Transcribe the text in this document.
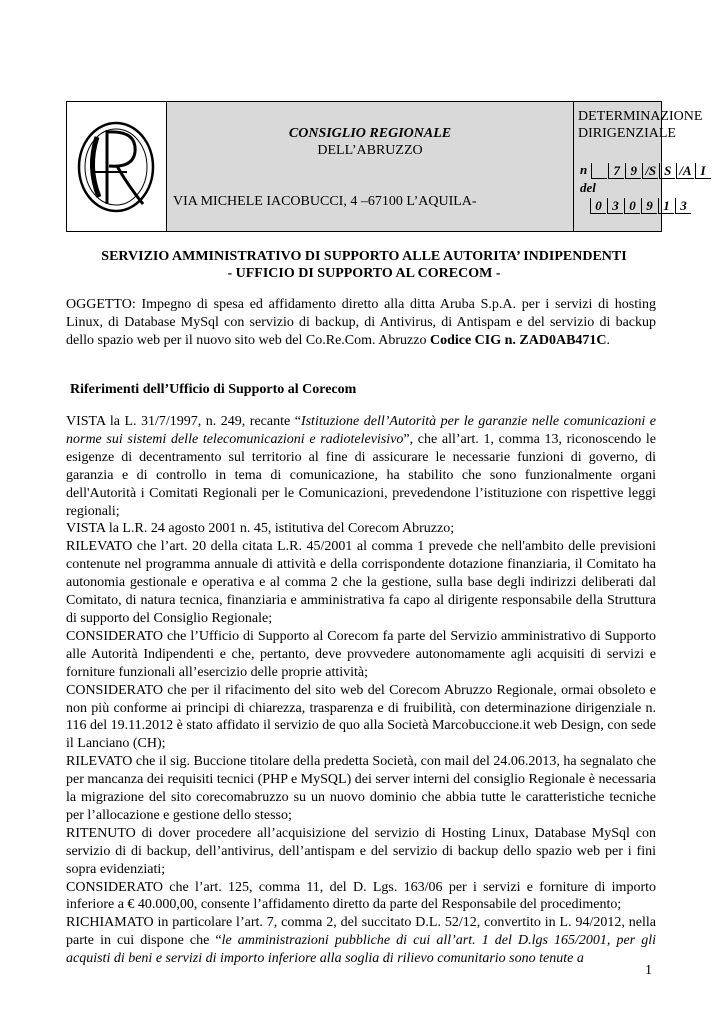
CONSIGLIO REGIONALE
DELL’ABRUZZO
VIA MICHELE IACOBUCCI, 4 –67100 L’AQUILA-
DETERMINAZIONE
DIRIGENZIALE
n 7 9 /S S /A I
del
0 3 0 9 1 3
SERVIZIO AMMINISTRATIVO DI SUPPORTO ALLE AUTORITA’ INDIPENDENTI
- UFFICIO DI SUPPORTO AL CORECOM -
OGGETTO: Impegno di spesa ed affidamento diretto alla ditta Aruba S.p.A. per i servizi di hosting Linux, di Database MySql con servizio di backup, di Antivirus, di Antispam e del servizio di backup dello spazio web per il nuovo sito web del Co.Re.Com. Abruzzo Codice CIG n. ZAD0AB471C.
Riferimenti dell’Ufficio di Supporto al Corecom
VISTA la L. 31/7/1997, n. 249, recante “Istituzione dell’Autorità per le garanzie nelle comunicazioni e norme sui sistemi delle telecomunicazioni e radiotelevisivo”, che all’art. 1, comma 13, riconoscendo le esigenze di decentramento sul territorio al fine di assicurare le necessarie funzioni di governo, di garanzia e di controllo in tema di comunicazione, ha stabilito che sono funzionalmente organi dell'Autorità i Comitati Regionali per le Comunicazioni, prevedendone l’istituzione con rispettive leggi regionali;
VISTA la L.R. 24 agosto 2001 n. 45, istitutiva del Corecom Abruzzo;
RILEVATO che l’art. 20 della citata L.R. 45/2001 al comma 1 prevede che nell'ambito delle previsioni contenute nel programma annuale di attività e della corrispondente dotazione finanziaria, il Comitato ha autonomia gestionale e operativa e al comma 2 che la gestione, sulla base degli indirizzi deliberati dal Comitato, di natura tecnica, finanziaria e amministrativa fa capo al dirigente responsabile della Struttura di supporto del Consiglio Regionale;
CONSIDERATO che l’Ufficio di Supporto al Corecom fa parte del Servizio amministrativo di Supporto alle Autorità Indipendenti e che, pertanto, deve provvedere autonomamente agli acquisiti di servizi e forniture funzionali all’esercizio delle proprie attività;
CONSIDERATO che per il rifacimento del sito web del Corecom Abruzzo Regionale, ormai obsoleto e non più conforme ai principi di chiarezza, trasparenza e di fruibilità, con determinazione dirigenziale n. 116 del 19.11.2012 è stato affidato il servizio de quo alla Società Marcobuccione.it web Design, con sede il Lanciano (CH);
RILEVATO che il sig. Buccione titolare della predetta Società, con mail del 24.06.2013, ha segnalato che per mancanza dei requisiti tecnici (PHP e MySQL) dei server interni del consiglio Regionale è necessaria la migrazione del sito corecomabruzzo su un nuovo dominio che abbia tutte le caratteristiche tecniche per l’allocazione e gestione dello stesso;
RITENUTO di dover procedere all’acquisizione del servizio di Hosting Linux, Database MySql con servizio di di backup, dell’antivirus, dell’antispam e del servizio di backup dello spazio web per i fini sopra evidenziati;
CONSIDERATO che l’art. 125, comma 11, del D. Lgs. 163/06 per i servizi e forniture di importo inferiore a € 40.000,00, consente l’affidamento diretto da parte del Responsabile del procedimento;
RICHIAMATO in particolare l’art. 7, comma 2, del succitato D.L. 52/12, convertito in L. 94/2012, nella parte in cui dispone che “le amministrazioni pubbliche di cui all’art. 1 del D.lgs 165/2001, per gli acquisti di beni e servizi di importo inferiore alla soglia di rilievo comunitario sono tenute a
1
